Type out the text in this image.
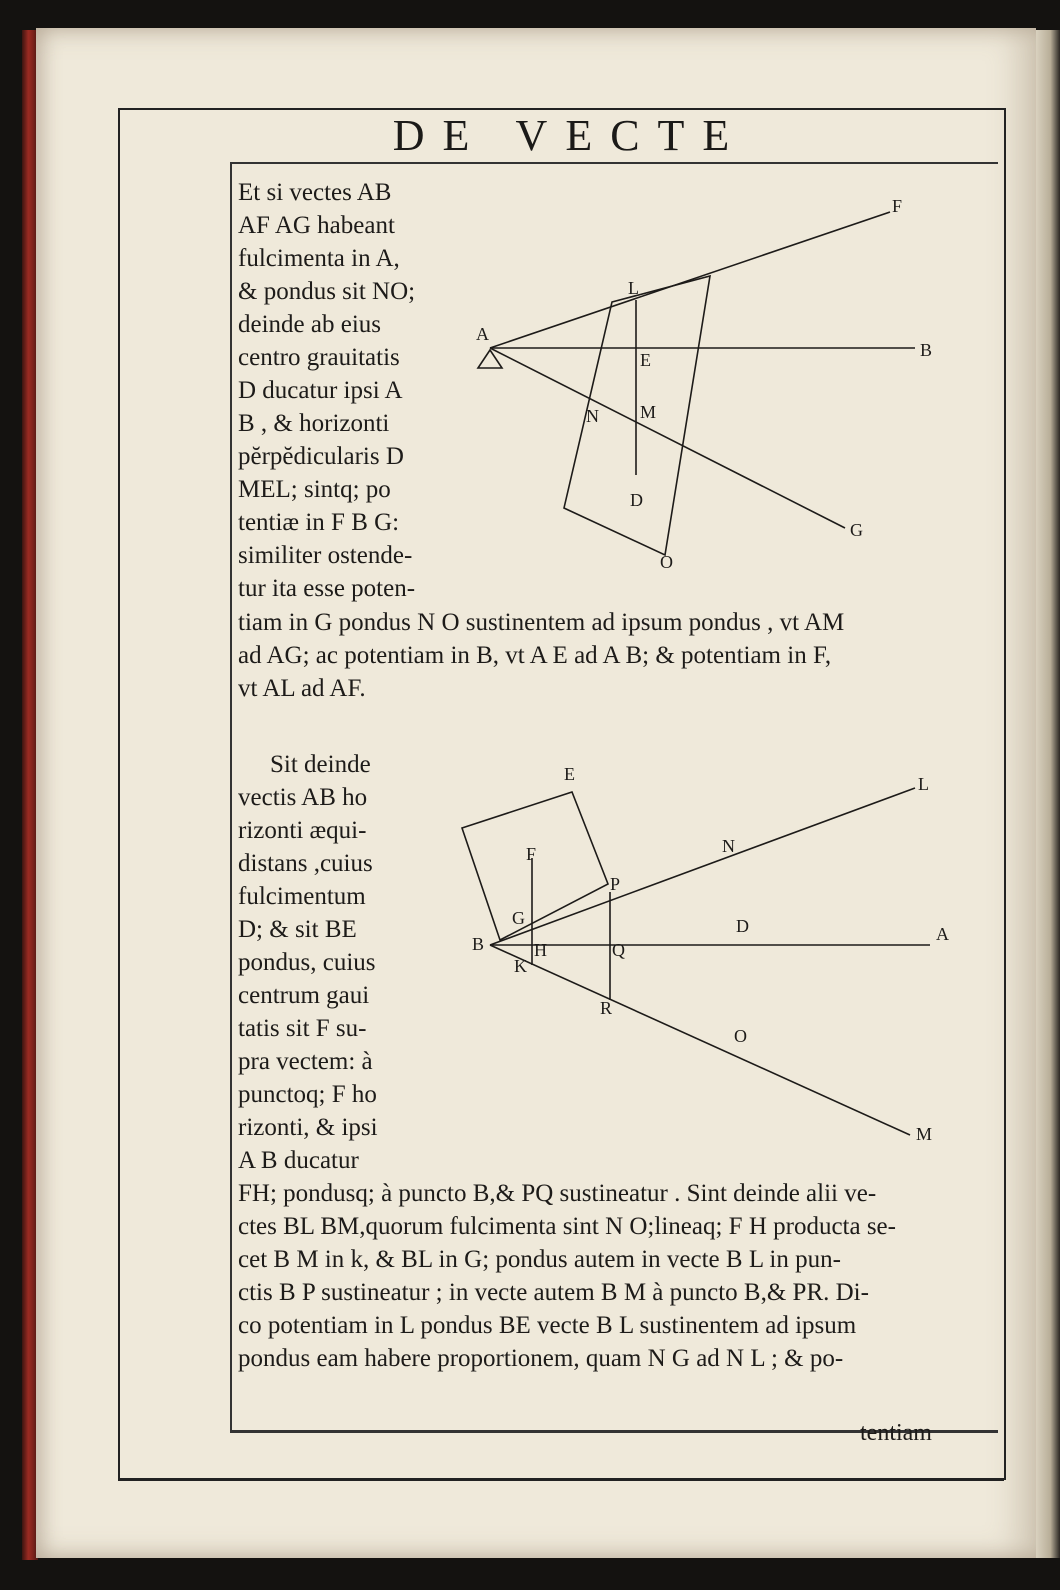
DE VECTE
Et si vectes AB
AF AG habeant
fulcimenta in A,
& pondus sit NO;
deinde ab eius
centro grauitatis
D ducatur ipsi A
B , & horizonti
pĕrpĕdicularis D
MEL; sintq; po
tentiæ in F B G:
similiter ostende-
tur ita esse poten-
tiam in G pondus N O sustinentem ad ipsum pondus , vt AM
ad AG; ac potentiam in B, vt A E ad A B; & potentiam in F,
vt AL ad AF.
A
F
B
G
L
E
N M
D
O
Sit deinde
vectis AB ho
rizonti æqui-
distans ,cuius
fulcimentum
D; & sit BE
pondus, cuius
centrum gaui
tatis sit F su-
pra vectem: à
punctoq; F ho
rizonti, & ipsi
A B ducatur
FH; pondusq; à puncto B,& PQ sustineatur . Sint deinde alii ve-
ctes BL BM,quorum fulcimenta sint N O;lineaq; F H producta se-
cet B M in k, & BL in G; pondus autem in vecte B L in pun-
ctis B P sustineatur ; in vecte autem B M à puncto B,& PR. Di-
co potentiam in L pondus BE vecte B L sustinentem ad ipsum
pondus eam habere proportionem, quam N G ad N L ; & po-
E	L
F	N
P
G	D	A
B	H
K
Q
R
O
M
tentiam
